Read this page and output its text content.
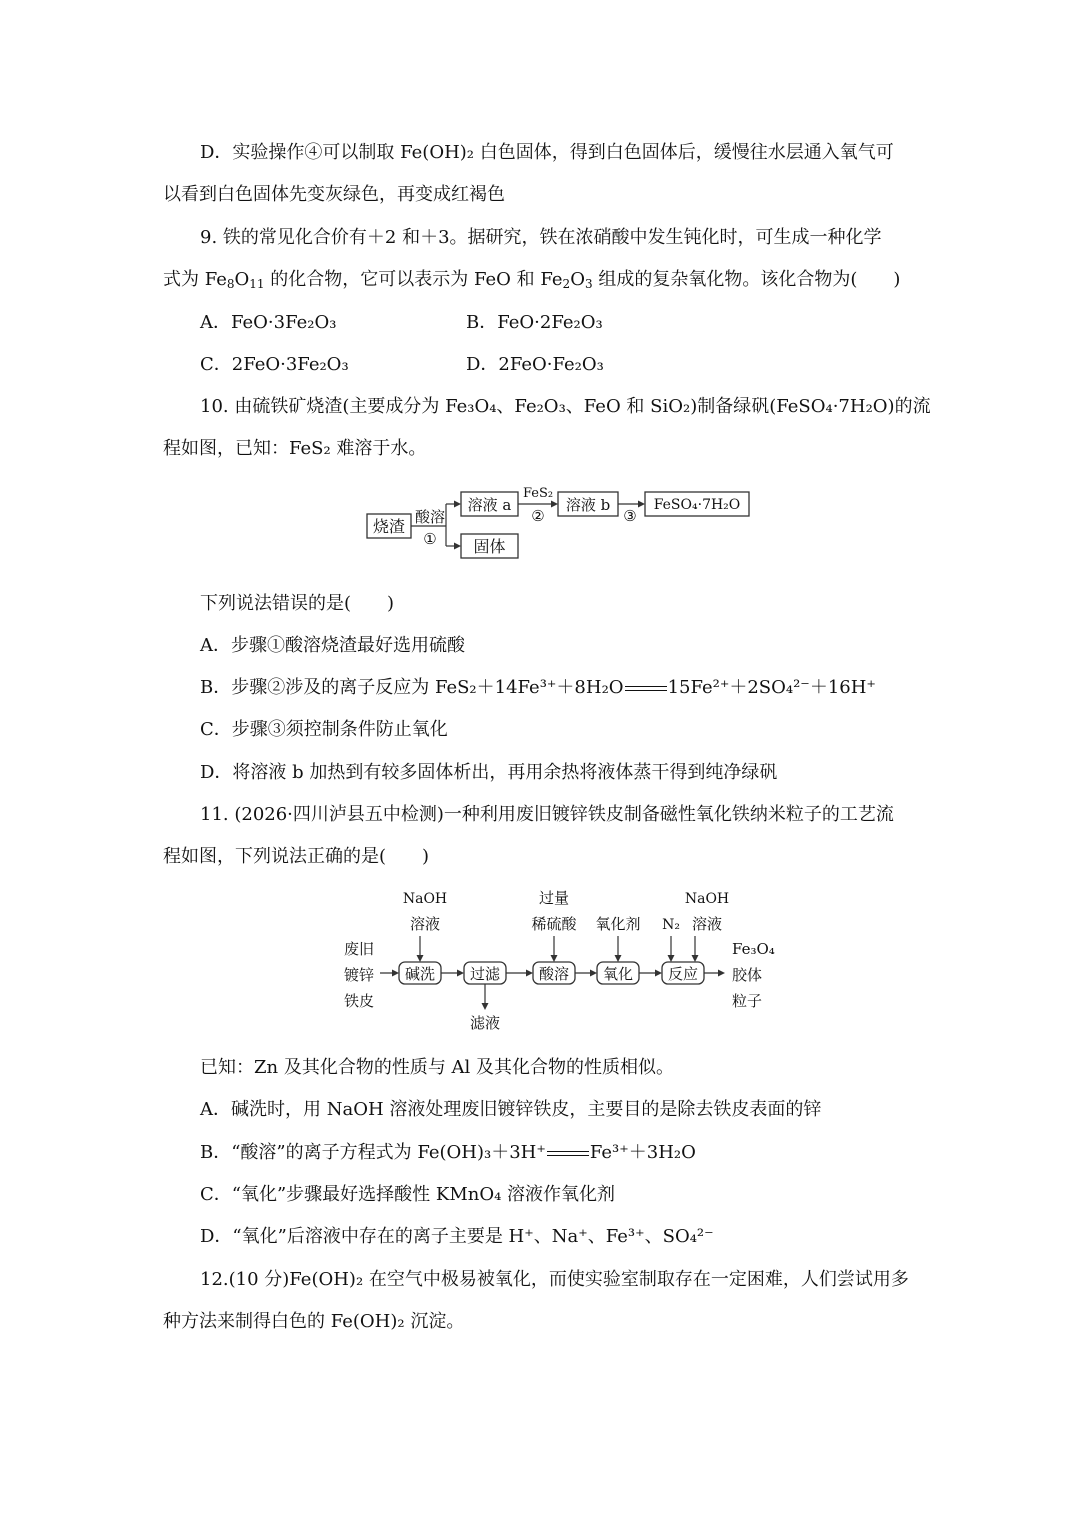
D．实验操作④可以制取 Fe(OH)₂ 白色固体，得到白色固体后，缓慢往水层通入氧气可
以看到白色固体先变灰绿色，再变成红褐色
9. 铁的常见化合价有＋2 和＋3。据研究，铁在浓硝酸中发生钝化时，可生成一种化学
式为 $Fe_8O_{11}$ 的化合物，它可以表示为 FeO 和 $Fe_2O_3$ 组成的复杂氧化物。该化合物为(　　)
A．FeO·3Fe₂O₃	B．FeO·2Fe₂O₃
C．2FeO·3Fe₂O₃	D．2FeO·Fe₂O₃
10. 由硫铁矿烧渣(主要成分为 Fe₃O₄、Fe₂O₃、FeO 和 SiO₂)制备绿矾(FeSO₄·7H₂O)的流
程如图，已知：FeS₂ 难溶于水。
烧渣 酸溶
①
溶液 a
固体
FeS₂
②
溶液 b
③
FeSO₄·7H₂O
下列说法错误的是(　　)
A．步骤①酸溶烧渣最好选用硫酸
B．步骤②涉及的离子反应为 FeS₂＋14Fe³⁺＋8H₂O 15Fe²⁺＋2SO₄²⁻＋16H⁺
C．步骤③须控制条件防止氧化
D．将溶液 b 加热到有较多固体析出，再用余热将液体蒸干得到纯净绿矾
11. (2026·四川泸县五中检测)一种利用废旧镀锌铁皮制备磁性氧化铁纳米粒子的工艺流
程如图，下列说法正确的是(　　)
废旧
镀锌
铁皮
碱洗 过滤	酸溶 氧化 反应
Fe₃O₄
胶体
粒子
NaOH
溶液
过量
稀硫酸 氧化剂 N₂
NaOH
溶液
滤液
已知：Zn 及其化合物的性质与 Al 及其化合物的性质相似。
A．碱洗时，用 NaOH 溶液处理废旧镀锌铁皮，主要目的是除去铁皮表面的锌
B．“酸溶”的离子方程式为 Fe(OH)₃＋3H⁺ Fe³⁺＋3H₂O
C．“氧化”步骤最好选择酸性 KMnO₄ 溶液作氧化剂
D．“氧化”后溶液中存在的离子主要是 H⁺、Na⁺、Fe³⁺、SO₄²⁻
12.(10 分)Fe(OH)₂ 在空气中极易被氧化，而使实验室制取存在一定困难，人们尝试用多
种方法来制得白色的 Fe(OH)₂ 沉淀。
